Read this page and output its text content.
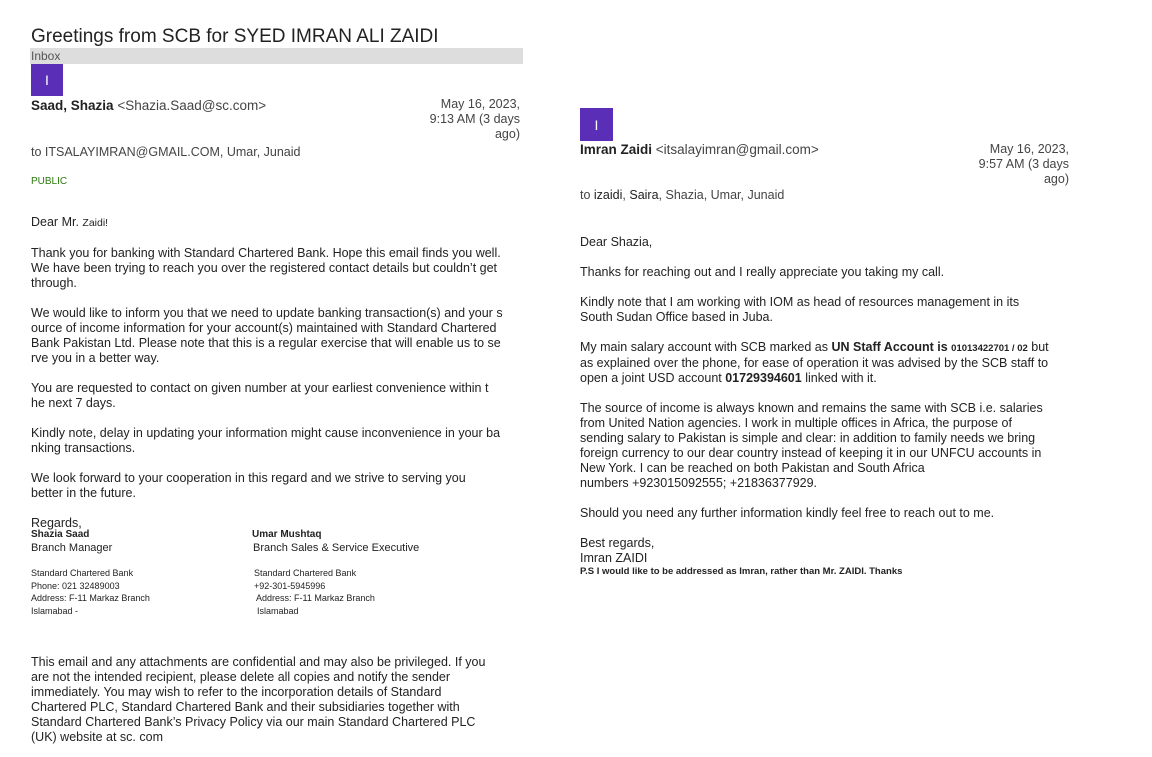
Greetings from SCB for SYED IMRAN ALI ZAIDI
Inbox
I
Saad, Shazia <Shazia.Saad@sc.com>	May 16, 2023,
9:13 AM (3 days
ago)
to ITSALAYIMRAN@GMAIL.COM, Umar, Junaid
PUBLIC

Dear Mr. Zaidi!

Thank you for banking with Standard Chartered Bank. Hope this email finds you well.
We have been trying to reach you over the registered contact details but couldn’t get
through.

We would like to inform you that we need to update banking transaction(s) and your s
ource of income information for your account(s) maintained with Standard Chartered
Bank Pakistan Ltd. Please note that this is a regular exercise that will enable us to se
rve you in a better way.

You are requested to contact on given number at your earliest convenience within t
he next 7 days.

Kindly note, delay in updating your information might cause inconvenience in your ba
nking transactions.

We look forward to your cooperation in this regard and we strive to serving you
better in the future.

Regards,

Shazia Saad
Branch Manager
Standard Chartered Bank
Phone: 021 32489003
Address: F-11 Markaz Branch
Islamabad -
Umar Mushtaq
Branch Sales & Service Executive
Standard Chartered Bank
+92-301-5945996
Address: F-11 Markaz Branch
Islamabad
This email and any attachments are confidential and may also be privileged. If you
are not the intended recipient, please delete all copies and notify the sender
immediately. You may wish to refer to the incorporation details of Standard
Chartered PLC, Standard Chartered Bank and their subsidiaries together with
Standard Chartered Bank’s Privacy Policy via our main Standard Chartered PLC
(UK) website at sc. com
I
Imran Zaidi <itsalayimran@gmail.com>	May 16, 2023,
9:57 AM (3 days
ago)
to izaidi, Saira, Shazia, Umar, Junaid

Dear Shazia,

Thanks for reaching out and I really appreciate you taking my call.

Kindly note that I am working with IOM as head of resources management in its
South Sudan Office based in Juba.

My main salary account with SCB marked as UN Staff Account is 01013422701 / 02 but
as explained over the phone, for ease of operation it was advised by the SCB staff to
open a joint USD account 01729394601 linked with it.

The source of income is always known and remains the same with SCB i.e. salaries
from United Nation agencies. I work in multiple offices in Africa, the purpose of
sending salary to Pakistan is simple and clear: in addition to family needs we bring
foreign currency to our dear country instead of keeping it in our UNFCU accounts in
New York. I can be reached on both Pakistan and South Africa
numbers +923015092555; +21836377929.

Should you need any further information kindly feel free to reach out to me.

Best regards,
Imran ZAIDI

P.S I would like to be addressed as Imran, rather than Mr. ZAIDI. Thanks
